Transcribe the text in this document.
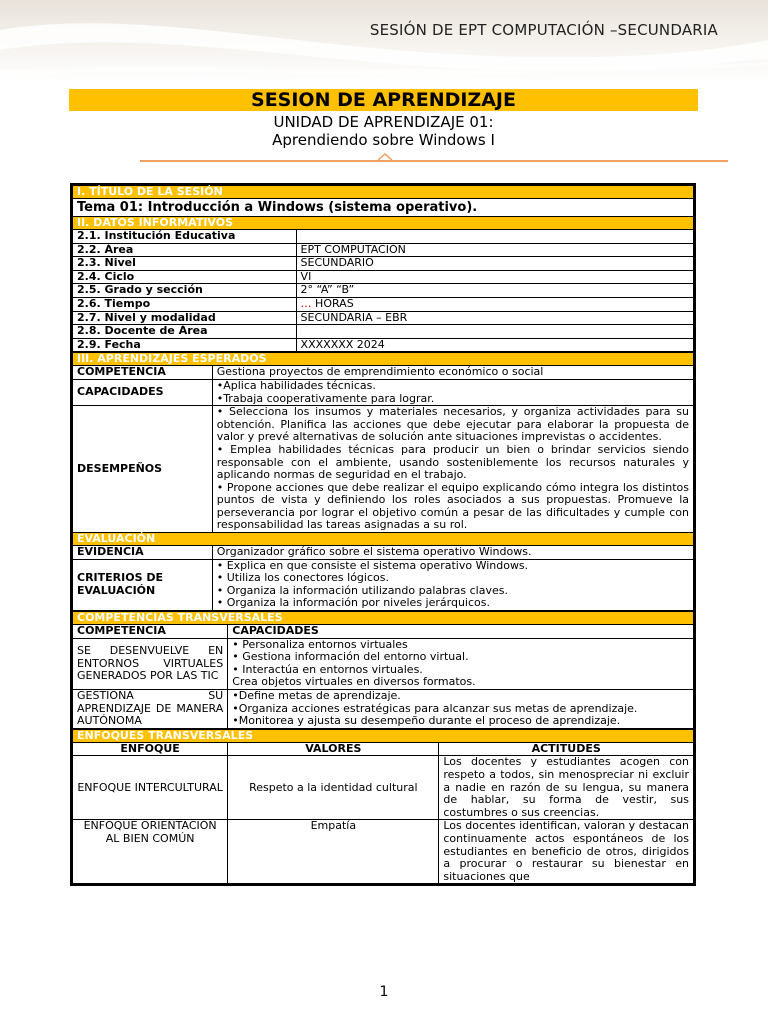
SESIÓN DE EPT COMPUTACIÓN –SECUNDARIA
SESION DE APRENDIZAJE
UNIDAD DE APRENDIZAJE 01:
Aprendiendo sobre Windows I
I. TÍTULO DE LA SESIÓN	
Tema 01: Introducción a Windows (sistema operativo).	
II. DATOS INFORMATIVOS	
2.1. Institución Educativa	
2.2. Área	EPT COMPUTACIÓN
2.3. Nivel	SECUNDARIO
2.4. Ciclo	VI
2.5. Grado y sección	2° “A” “B”
2.6. Tiempo	… HORAS
2.7. Nivel y modalidad	SECUNDARIA – EBR
2.8. Docente de Área	
2.9. Fecha	XXXXXXX 2024
III. APRENDIZAJES ESPERADOS	
COMPETENCIA	Gestiona proyectos de emprendimiento económico o social
CAPACIDADES	•Aplica habilidades técnicas.
•Trabaja cooperativamente para lograr.

DESEMPEÑOS	• Selecciona los insumos y materiales necesarios, y organiza actividades para su obtención. Planifica las acciones que debe ejecutar para elaborar la propuesta de valor y prevé alternativas de solución ante situaciones imprevistas o accidentes.
• Emplea habilidades técnicas para producir un bien o brindar servicios siendo responsable con el ambiente, usando sosteniblemente los recursos naturales y aplicando normas de seguridad en el trabajo.
• Propone acciones que debe realizar el equipo explicando cómo integra los distintos puntos de vista y definiendo los roles asociados a sus propuestas. Promueve la perseverancia por lograr el objetivo común a pesar de las dificultades y cumple con responsabilidad las tareas asignadas a su rol.

EVALUACIÓN	
EVIDENCIA	Organizador gráfico sobre el sistema operativo Windows.
CRITERIOS DE EVALUACIÓN	• Explica en que consiste el sistema operativo Windows.
• Utiliza los conectores lógicos.
• Organiza la información utilizando palabras claves.
• Organiza la información por niveles jerárquicos.
COMPETENCIAS TRANSVERSALES	
COMPETENCIA	CAPACIDADES
SE DESENVUELVE EN ENTORNOS VIRTUALES GENERADOS POR LAS TIC	• Personaliza entornos virtuales
• Gestiona información del entorno virtual.
• Interactúa en entornos virtuales.
Crea objetos virtuales en diversos formatos.

GESTIONA SU APRENDIZAJE DE MANERA AUTÓNOMA	•Define metas de aprendizaje.
•Organiza acciones estratégicas para alcanzar sus metas de aprendizaje.
•Monitorea y ajusta su desempeño durante el proceso de aprendizaje.
ENFOQUES TRANSVERSALES		
ENFOQUE	VALORES	ACTITUDES
ENFOQUE INTERCULTURAL	Respeto a la identidad cultural	Los docentes y estudiantes acogen con respeto a todos, sin menospreciar ni excluir a nadie en razón de su lengua, su manera de hablar, su forma de vestir, sus costumbres o sus creencias.
ENFOQUE ORIENTACIÓN AL BIEN COMÚN	Empatía	Los docentes identifican, valoran y destacan continuamente actos espontáneos de los estudiantes en beneficio de otros, dirigidos a procurar o restaurar su bienestar en situaciones que
1
